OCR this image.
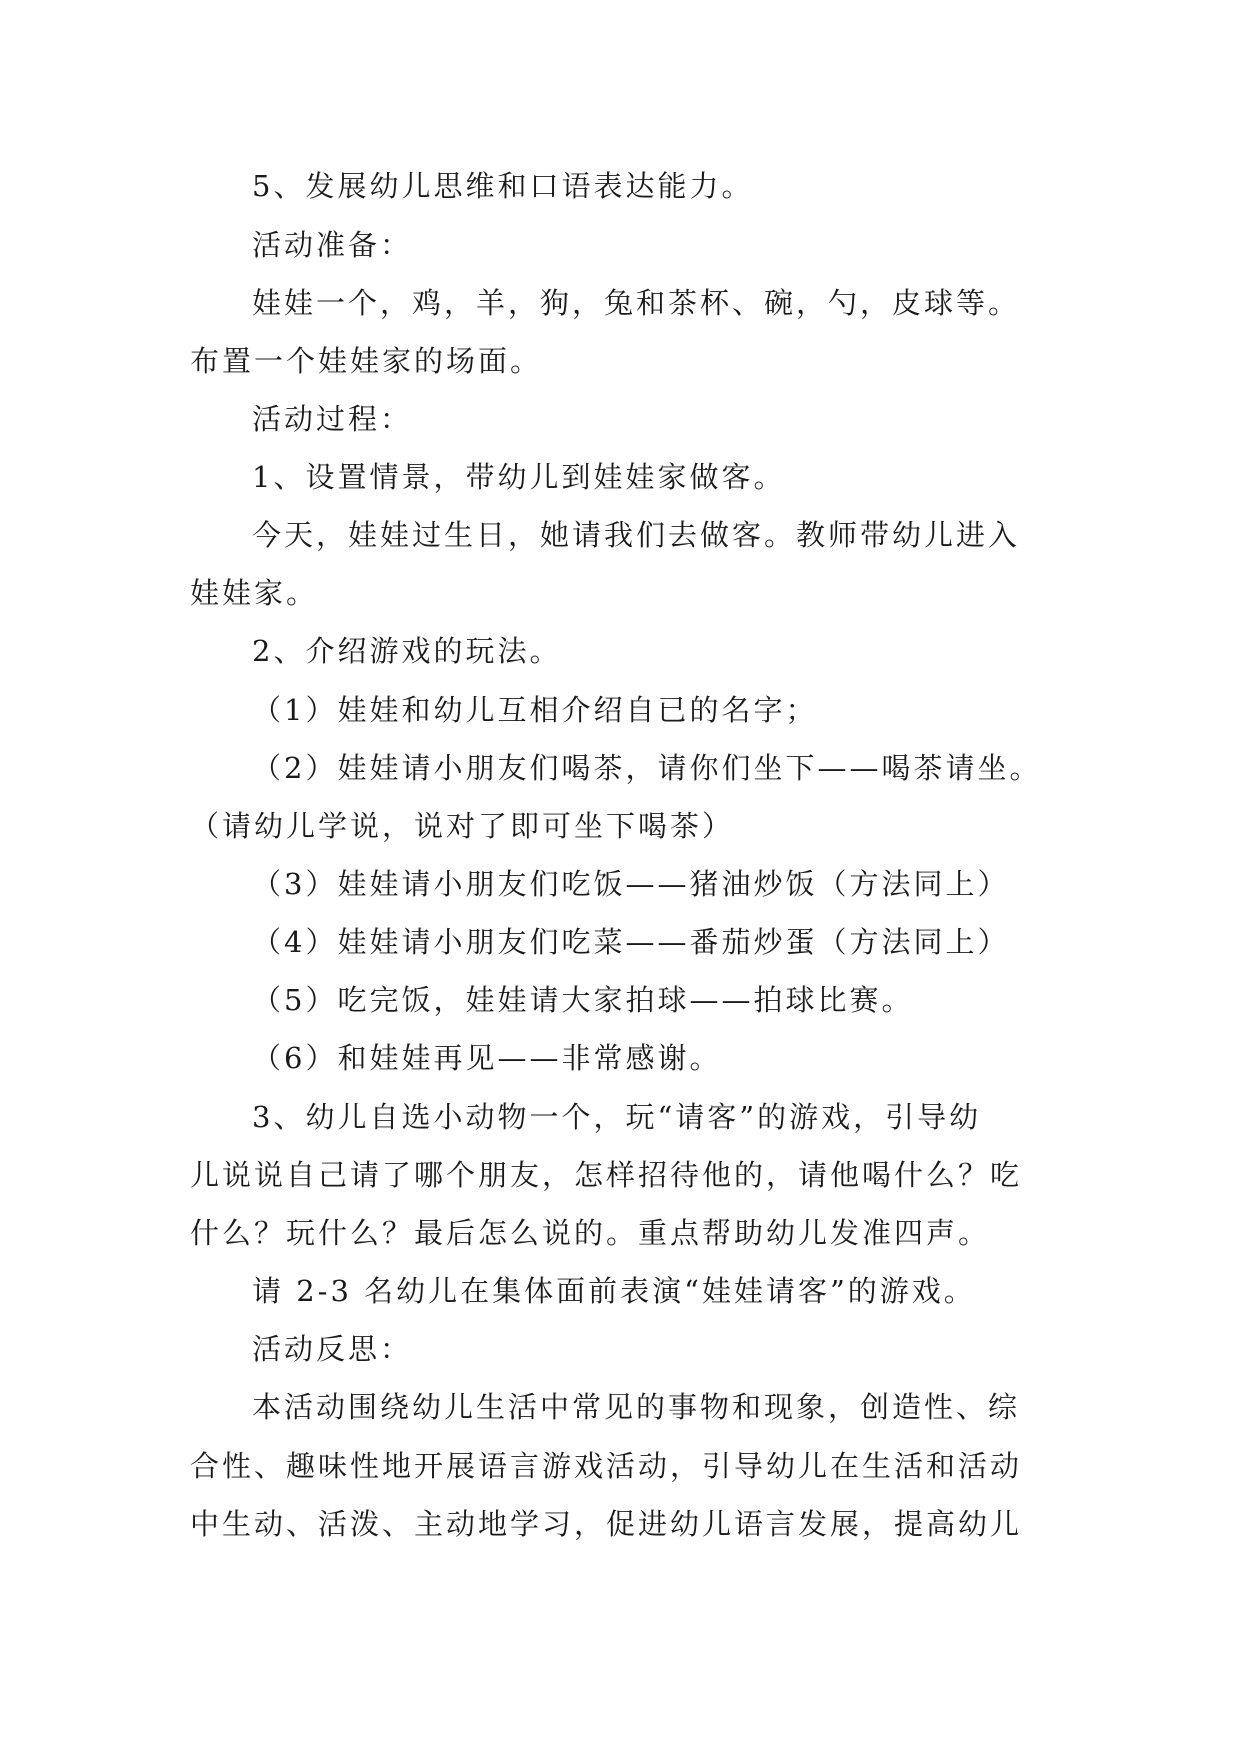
5、发展幼儿思维和口语表达能力。
活动准备：
娃娃一个，鸡，羊，狗，兔和茶杯、碗，勺，皮球等。
布置一个娃娃家的场面。
活动过程：
1、设置情景，带幼儿到娃娃家做客。
今天，娃娃过生日，她请我们去做客。教师带幼儿进入
娃娃家。
2、介绍游戏的玩法。
（1）娃娃和幼儿互相介绍自已的名字；
（2）娃娃请小朋友们喝茶，请你们坐下——喝茶请坐。
（请幼儿学说，说对了即可坐下喝茶）
（3）娃娃请小朋友们吃饭——猪油炒饭（方法同上）
（4）娃娃请小朋友们吃菜——番茄炒蛋（方法同上）
（5）吃完饭，娃娃请大家拍球——拍球比赛。
（6）和娃娃再见——非常感谢。
3、幼儿自选小动物一个，玩“请客”的游戏，引导幼
儿说说自己请了哪个朋友，怎样招待他的，请他喝什么？吃
什么？玩什么？最后怎么说的。重点帮助幼儿发准四声。
请 2-3 名幼儿在集体面前表演“娃娃请客”的游戏。
活动反思：
本活动围绕幼儿生活中常见的事物和现象，创造性、综
合性、趣味性地开展语言游戏活动，引导幼儿在生活和活动
中生动、活泼、主动地学习，促进幼儿语言发展，提高幼儿
